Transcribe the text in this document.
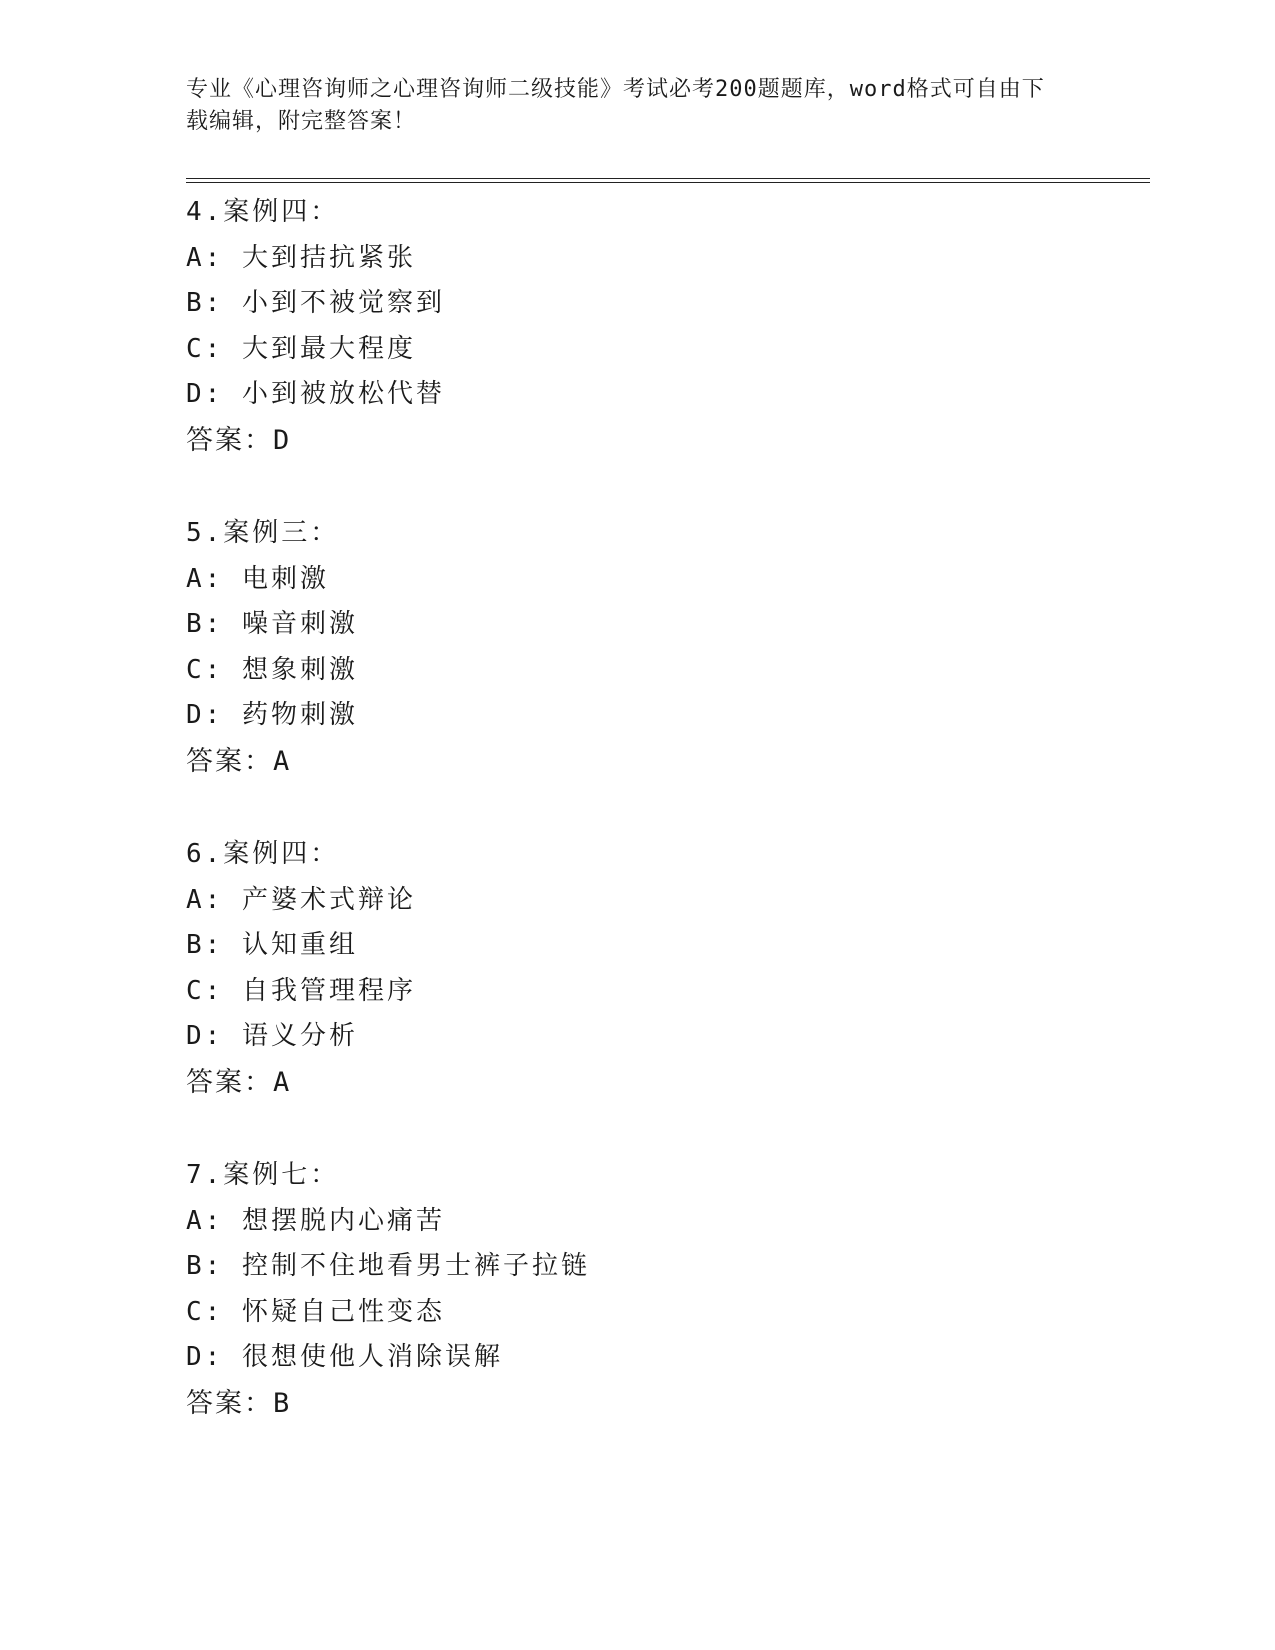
专业《心理咨询师之心理咨询师二级技能》考试必考200题题库，word格式可自由下载编辑，附完整答案！
4.案例四：
A: 大到拮抗紧张
B: 小到不被觉察到
C: 大到最大程度
D: 小到被放松代替
答案：D
5.案例三：
A: 电刺激
B: 噪音刺激
C: 想象刺激
D: 药物刺激
答案：A
6.案例四：
A: 产婆术式辩论
B: 认知重组
C: 自我管理程序
D: 语义分析
答案：A
7.案例七：
A: 想摆脱内心痛苦
B: 控制不住地看男士裤子拉链
C: 怀疑自己性变态
D: 很想使他人消除误解
答案：B
